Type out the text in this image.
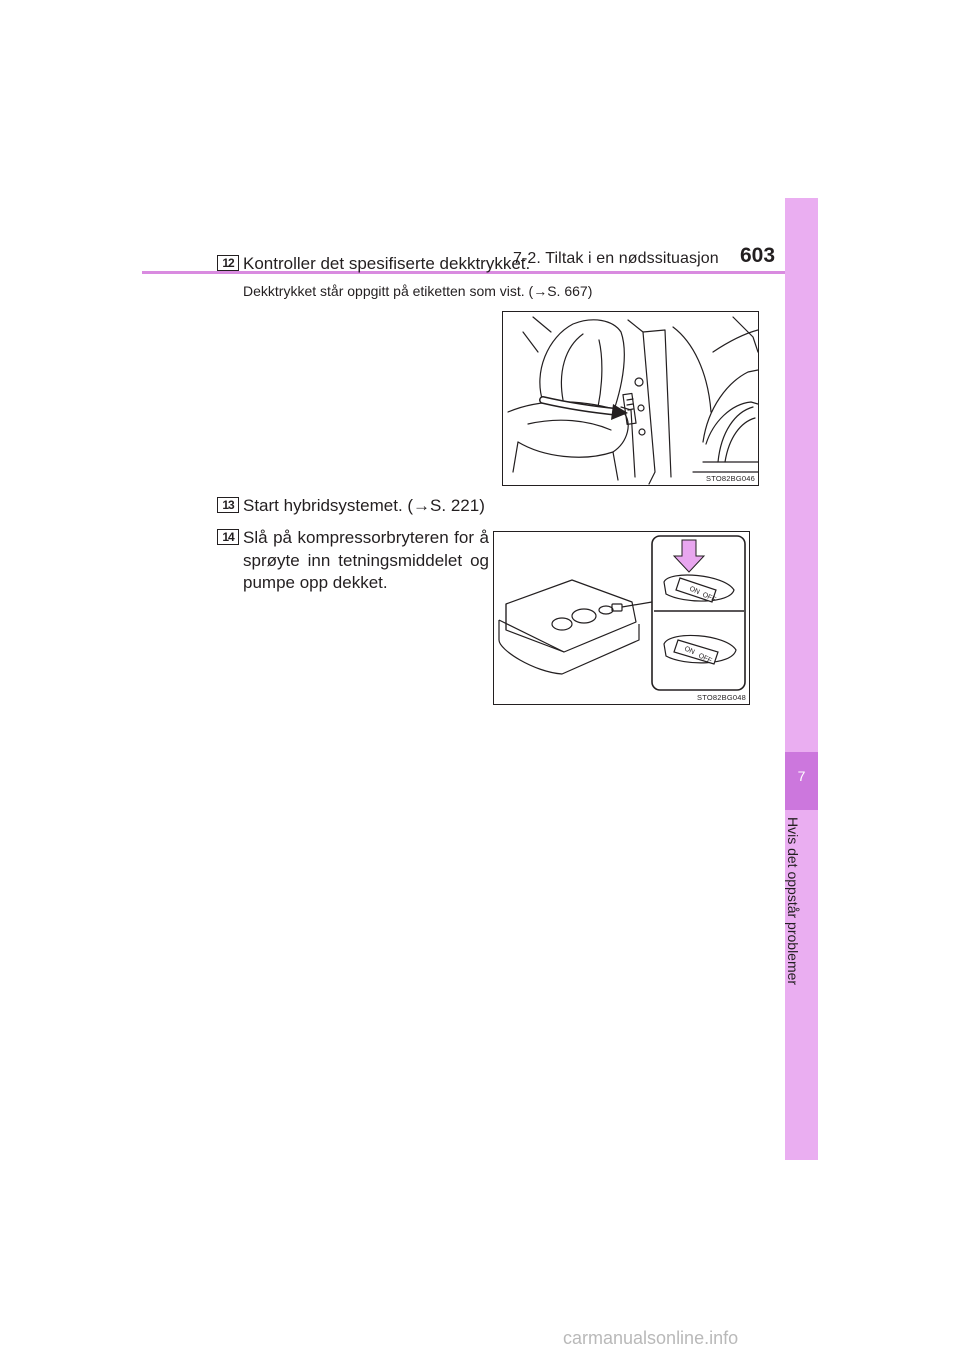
7-2. Tiltak i en nødssituasjon 603
7
Hvis det oppstår problemer
12 Kontroller det spesifiserte dekktrykket.
Dekktrykket står oppgitt på etiketten som vist. (→S. 667)
STO82BG046
13 Start hybridsystemet. (→S. 221)
14 Slå på kompressorbryteren for å sprøyte inn tetningsmiddelet og pumpe opp dekket.	ON
OFF
ON
OFF
STO82BG048
carmanualsonline.info
